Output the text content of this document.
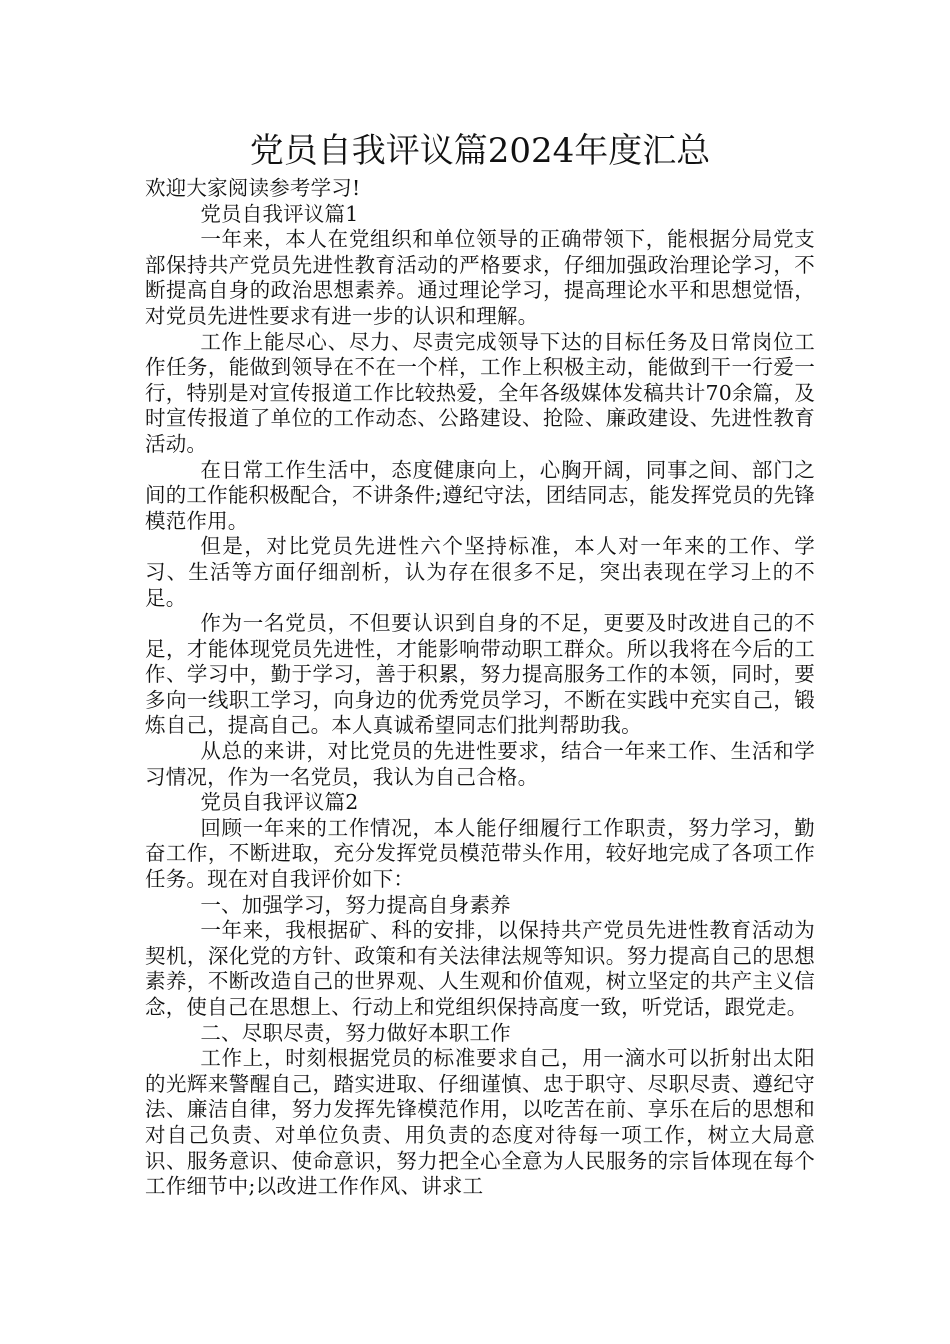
党员自我评议篇2024年度汇总

欢迎大家阅读参考学习!

党员自我评议篇1

一年来，本人在党组织和单位领导的正确带领下，能根据分局党支部保持共产党员先进性教育活动的严格要求，仔细加强政治理论学习，不断提高自身的政治思想素养。通过理论学习，提高理论水平和思想觉悟，对党员先进性要求有进一步的认识和理解。

工作上能尽心、尽力、尽责完成领导下达的目标任务及日常岗位工作任务，能做到领导在不在一个样，工作上积极主动，能做到干一行爱一行，特别是对宣传报道工作比较热爱，全年各级媒体发稿共计70余篇，及时宣传报道了单位的工作动态、公路建设、抢险、廉政建设、先进性教育活动。

在日常工作生活中，态度健康向上，心胸开阔，同事之间、部门之间的工作能积极配合，不讲条件;遵纪守法，团结同志，能发挥党员的先锋模范作用。

但是，对比党员先进性六个坚持标准，本人对一年来的工作、学习、生活等方面仔细剖析，认为存在很多不足，突出表现在学习上的不足。

作为一名党员，不但要认识到自身的不足，更要及时改进自己的不足，才能体现党员先进性，才能影响带动职工群众。所以我将在今后的工作、学习中，勤于学习，善于积累，努力提高服务工作的本领，同时，要多向一线职工学习，向身边的优秀党员学习，不断在实践中充实自己，锻炼自己，提高自己。本人真诚希望同志们批判帮助我。

从总的来讲，对比党员的先进性要求，结合一年来工作、生活和学习情况，作为一名党员，我认为自己合格。

党员自我评议篇2

回顾一年来的工作情况，本人能仔细履行工作职责，努力学习，勤奋工作，不断进取，充分发挥党员模范带头作用，较好地完成了各项工作任务。现在对自我评价如下：

一、加强学习，努力提高自身素养

一年来，我根据矿、科的安排，以保持共产党员先进性教育活动为契机，深化党的方针、政策和有关法律法规等知识。努力提高自己的思想素养，不断改造自己的世界观、人生观和价值观，树立坚定的共产主义信念，使自己在思想上、行动上和党组织保持高度一致，听党话，跟党走。

二、尽职尽责，努力做好本职工作

工作上，时刻根据党员的标准要求自己，用一滴水可以折射出太阳的光辉来警醒自己，踏实进取、仔细谨慎、忠于职守、尽职尽责、遵纪守法、廉洁自律，努力发挥先锋模范作用，以吃苦在前、享乐在后的思想和对自己负责、对单位负责、用负责的态度对待每一项工作，树立大局意识、服务意识、使命意识，努力把全心全意为人民服务的宗旨体现在每个工作细节中;以改进工作作风、讲求工
